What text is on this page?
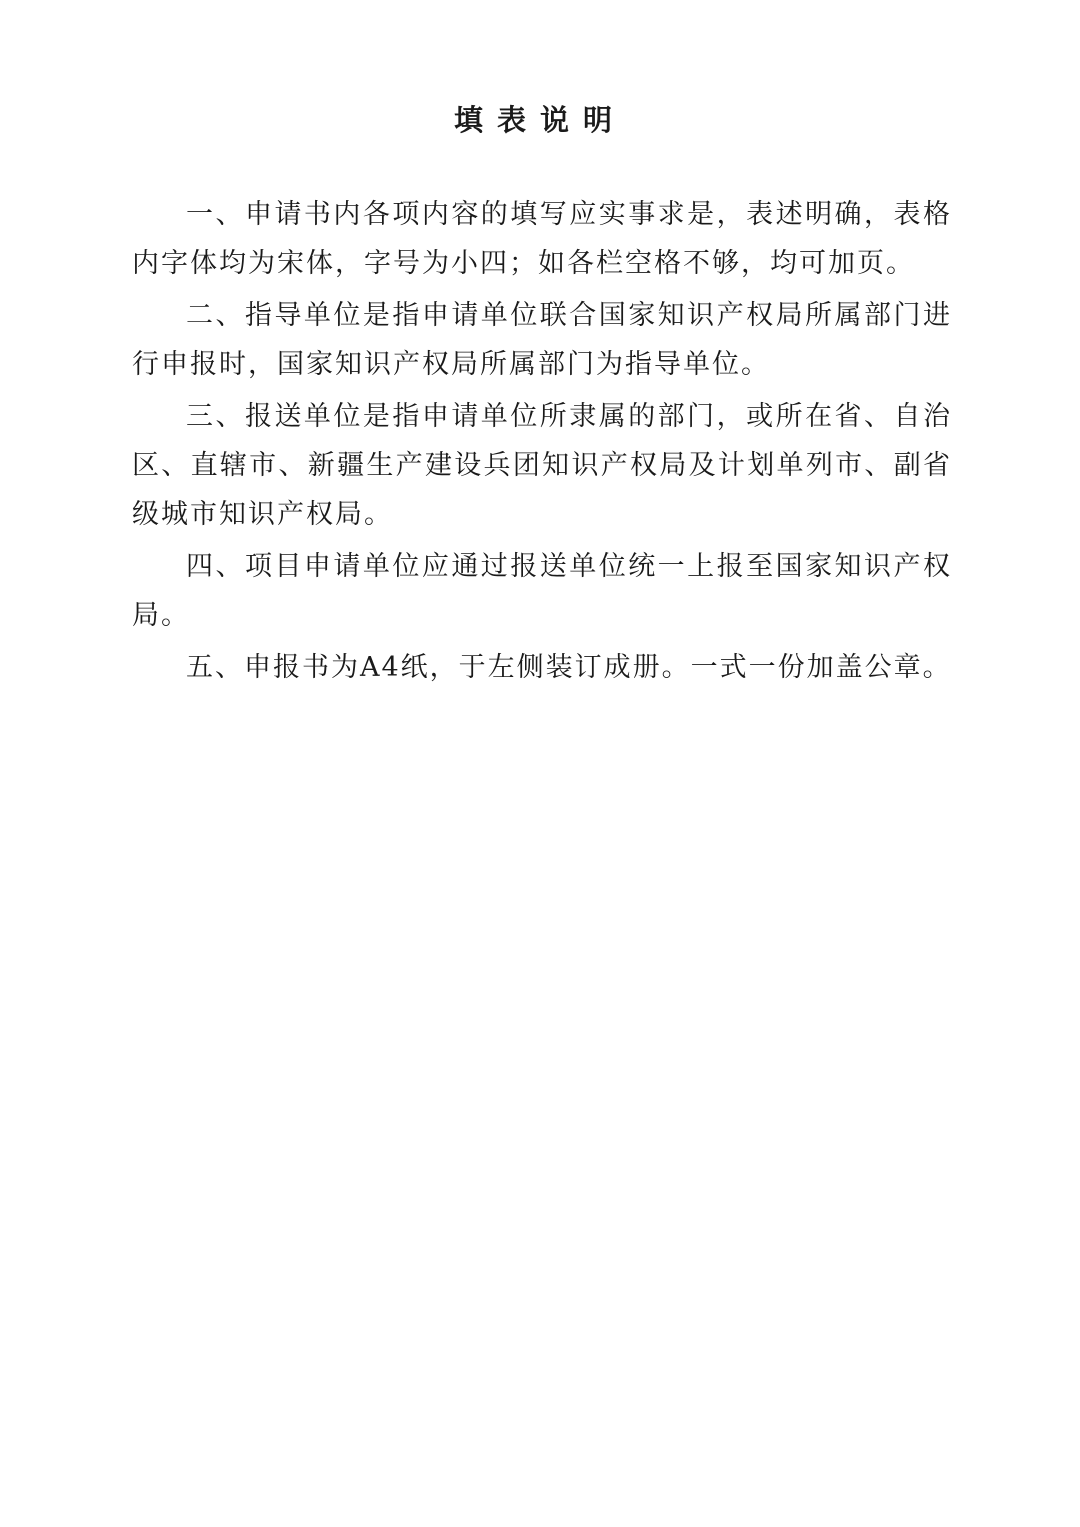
填表说明

一、申请书内各项内容的填写应实事求是，表述明确，表格内字体均为宋体，字号为小四；如各栏空格不够，均可加页。

二、指导单位是指申请单位联合国家知识产权局所属部门进行申报时，国家知识产权局所属部门为指导单位。

三、报送单位是指申请单位所隶属的部门，或所在省、自治区、直辖市、新疆生产建设兵团知识产权局及计划单列市、副省级城市知识产权局。

四、项目申请单位应通过报送单位统一上报至国家知识产权局。

五、申报书为A4纸，于左侧装订成册。一式一份加盖公章。
